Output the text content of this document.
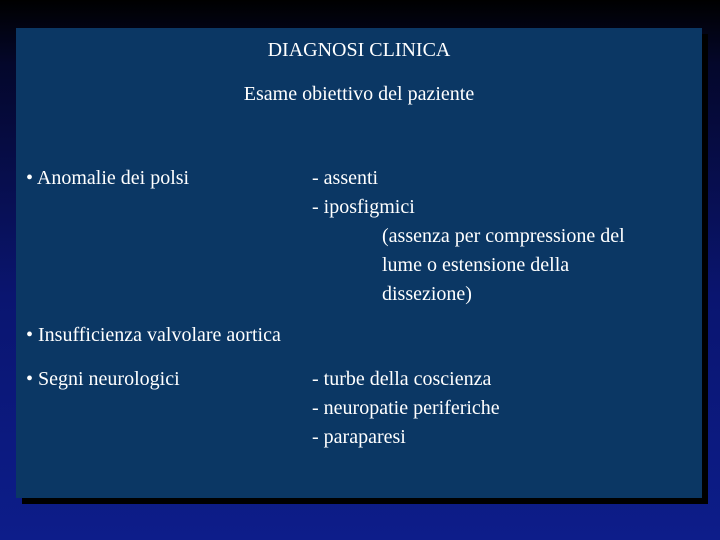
DIAGNOSI CLINICA
Esame obiettivo del paziente
• Anomalie dei polsi	- assenti
- iposfigmici
(assenza per compressione del
lume o estensione della
dissezione)
• Insufficienza valvolare aortica
• Segni neurologici	- turbe della coscienza
- neuropatie periferiche
- paraparesi
